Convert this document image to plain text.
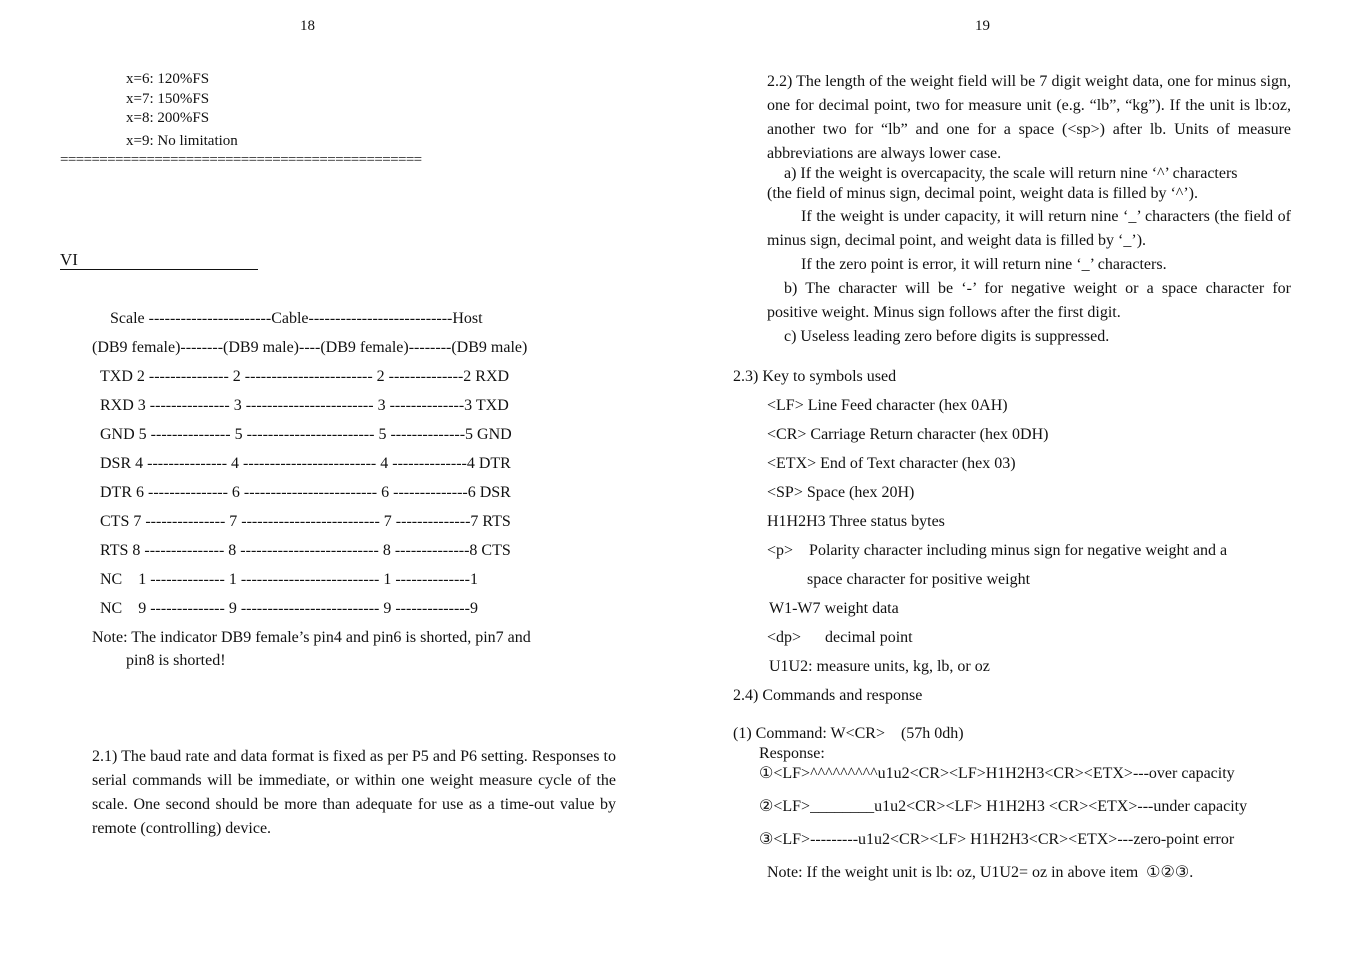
18
x=6: 120%FS
x=7: 150%FS
x=8: 200%FS
x=9: No limitation
==============================================
VI
Scale -----------------------Cable---------------------------Host
(DB9 female)--------(DB9 male)----(DB9 female)--------(DB9 male)
TXD 2 --------------- 2 ------------------------ 2 --------------2 RXD
RXD 3 --------------- 3 ------------------------ 3 --------------3 TXD
GND 5 --------------- 5 ------------------------ 5 --------------5 GND
DSR 4 --------------- 4 ------------------------- 4 --------------4 DTR
DTR 6 --------------- 6 ------------------------- 6 --------------6 DSR
CTS 7 --------------- 7 -------------------------- 7 --------------7 RTS
RTS 8 --------------- 8 -------------------------- 8 --------------8 CTS
NC    1 -------------- 1 -------------------------- 1 --------------1
NC    9 -------------- 9 -------------------------- 9 --------------9
Note: The indicator DB9 female’s pin4 and pin6 is shorted, pin7 and
pin8 is shorted!
2.1) The baud rate and data format is fixed as per P5 and P6 setting. Responses to serial commands will be immediate, or within one weight measure cycle of the scale. One second should be more than adequate for use as a time-out value by remote (controlling) device.
19
2.2) The length of the weight field will be 7 digit weight data, one for minus sign, one for decimal point, two for measure unit (e.g. “lb”, “kg”). If the unit is lb:oz, another two for “lb” and one for a space (<sp>) after lb. Units of measure abbreviations are always lower case.
a) If the weight is overcapacity, the scale will return nine ‘^’ characters
(the field of minus sign, decimal point, weight data is filled by ‘^’).
If the weight is under capacity, it will return nine ‘_’ characters (the field of minus sign, decimal point, and weight data is filled by ‘_’).
If the zero point is error, it will return nine ‘_’ characters.
b) The character will be ‘-’ for negative weight or a space character for positive weight. Minus sign follows after the first digit.
c) Useless leading zero before digits is suppressed.
2.3) Key to symbols used
<LF> Line Feed character (hex 0AH)
<CR> Carriage Return character (hex 0DH)
<ETX> End of Text character (hex 03)
<SP> Space (hex 20H)
H1H2H3 Three status bytes
<p>    Polarity character including minus sign for negative weight and a
space character for positive weight
W1-W7 weight data
<dp>      decimal point
U1U2: measure units, kg, lb, or oz
2.4) Commands and response
(1) Command: W<CR>    (57h 0dh)
Response:
①<LF>^^^^^^^^^u1u2<CR><LF>H1H2H3<CR><ETX>---over capacity
②<LF>________u1u2<CR><LF> H1H2H3 <CR><ETX>---under capacity
③<LF>---------u1u2<CR><LF> H1H2H3<CR><ETX>---zero-point error
Note: If the weight unit is lb: oz, U1U2= oz in above item  ①②③.
